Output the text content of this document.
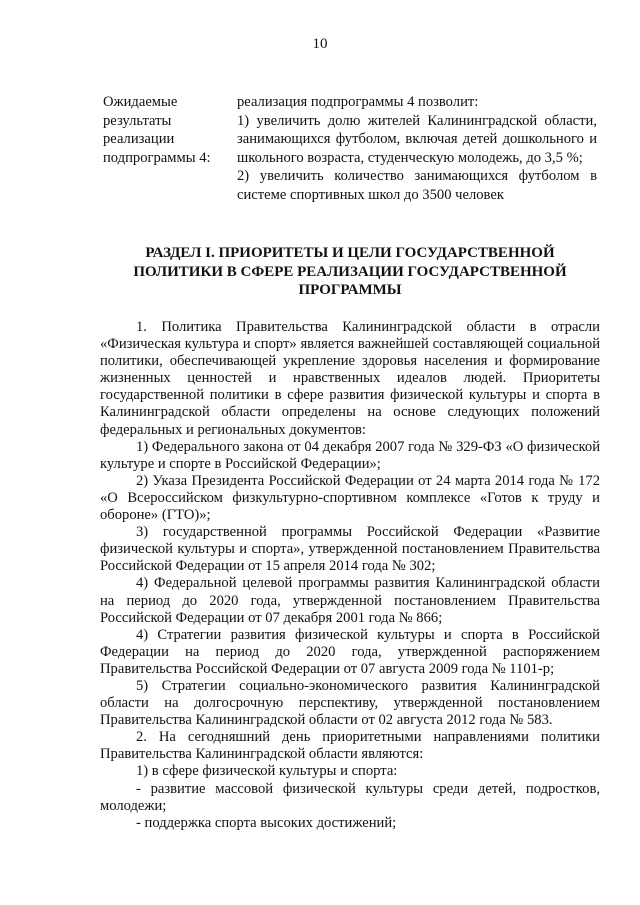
10
Ожидаемые
результаты
реализации
подпрограммы 4:

реализация подпрограммы 4 позволит:

1) увеличить долю жителей Калининградской области, занимающихся футболом, включая детей дошкольного и школьного возраста, студенческую молодежь, до 3,5 %;

2) увеличить количество занимающихся футболом в системе спортивных школ до 3500 человек

РАЗДЕЛ I. ПРИОРИТЕТЫ И ЦЕЛИ ГОСУДАРСТВЕННОЙ
ПОЛИТИКИ В СФЕРЕ РЕАЛИЗАЦИИ ГОСУДАРСТВЕННОЙ
ПРОГРАММЫ

1. Политика Правительства Калининградской области в отрасли «Физическая культура и спорт» является важнейшей составляющей социальной политики, обеспечивающей укрепление здоровья населения и формирование жизненных ценностей и нравственных идеалов людей. Приоритеты государственной политики в сфере развития физической культуры и спорта в Калининградской области определены на основе следующих положений федеральных и региональных документов:

1) Федерального закона от 04 декабря 2007 года № 329-ФЗ «О физической культуре и спорте в Российской Федерации»;

2) Указа Президента Российской Федерации от 24 марта 2014 года № 172 «О Всероссийском физкультурно-спортивном комплексе «Готов к труду и обороне» (ГТО)»;

3) государственной программы Российской Федерации «Развитие физической культуры и спорта», утвержденной постановлением Правительства Российской Федерации от 15 апреля 2014 года № 302;

4) Федеральной целевой программы развития Калининградской области на период до 2020 года, утвержденной постановлением Правительства Российской Федерации от 07 декабря 2001 года № 866;

4) Стратегии развития физической культуры и спорта в Российской Федерации на период до 2020 года, утвержденной распоряжением Правительства Российской Федерации от 07 августа 2009 года № 1101-р;

5) Стратегии социально-экономического развития Калининградской области на долгосрочную перспективу, утвержденной постановлением Правительства Калининградской области от 02 августа 2012 года № 583.

2. На сегодняшний день приоритетными направлениями политики Правительства Калининградской области являются:

1) в сфере физической культуры и спорта:

- развитие массовой физической культуры среди детей, подростков, молодежи;

- поддержка спорта высоких достижений;
